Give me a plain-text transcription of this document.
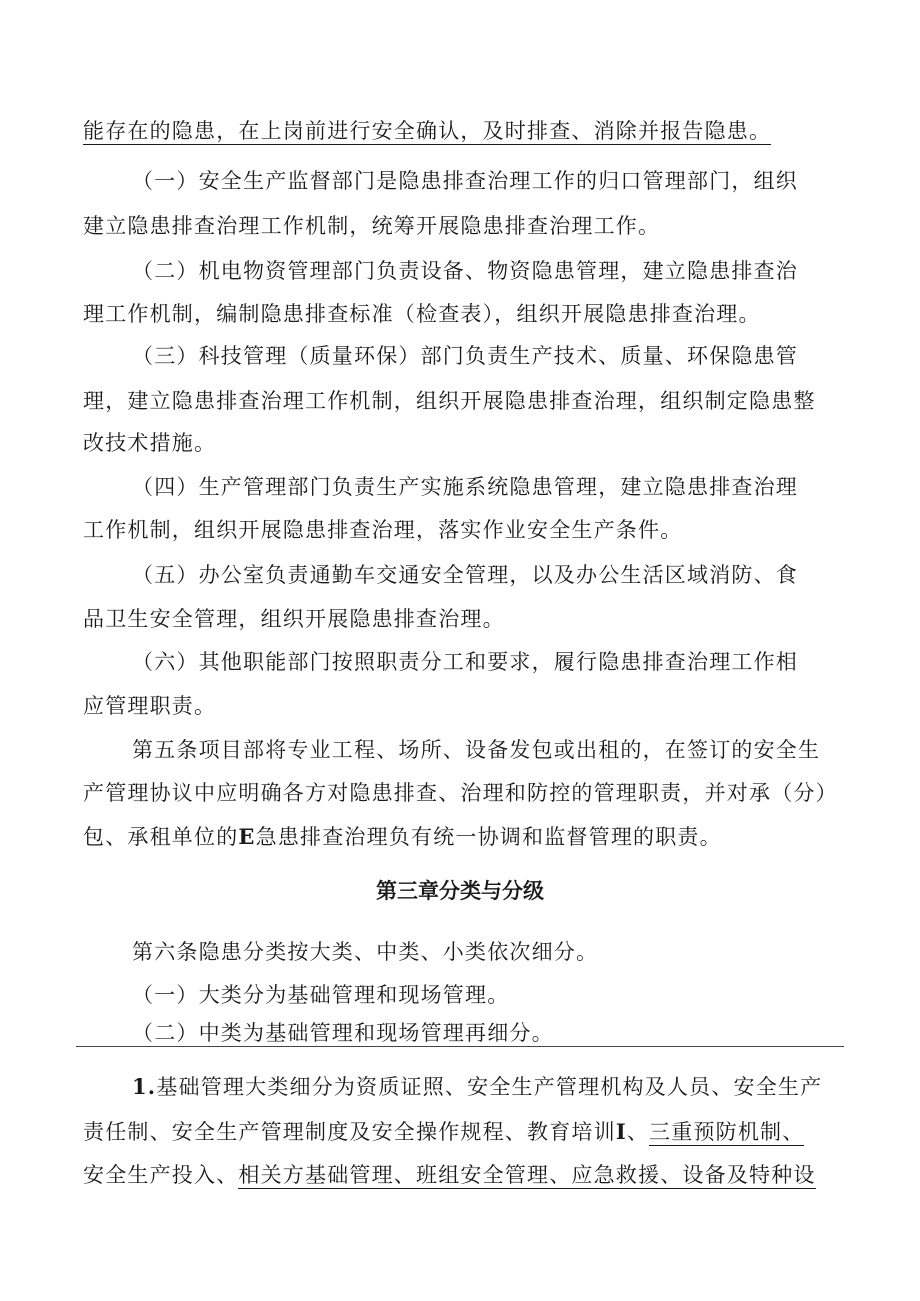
能存在的隐患，在上岗前进行安全确认，及时排查、消除并报告隐患。
（一）安全生产监督部门是隐患排查治理工作的归口管理部门，组织
建立隐患排查治理工作机制，统筹开展隐患排查治理工作。
（二）机电物资管理部门负责设备、物资隐患管理，建立隐患排查治
理工作机制，编制隐患排查标准（检查表），组织开展隐患排查治理。
（三）科技管理（质量环保）部门负责生产技术、质量、环保隐患管
理，建立隐患排查治理工作机制，组织开展隐患排查治理，组织制定隐患整
改技术措施。
（四）生产管理部门负责生产实施系统隐患管理，建立隐患排查治理
工作机制，组织开展隐患排查治理，落实作业安全生产条件。
（五）办公室负责通勤车交通安全管理，以及办公生活区域消防、食
品卫生安全管理，组织开展隐患排查治理。
（六）其他职能部门按照职责分工和要求，履行隐患排查治理工作相
应管理职责。
第五条项目部将专业工程、场所、设备发包或出租的，在签订的安全生
产管理协议中应明确各方对隐患排查、治理和防控的管理职责，并对承（分）
包、承租单位的E急患排查治理负有统一协调和监督管理的职责。
第三章分类与分级
第六条隐患分类按大类、中类、小类依次细分。
（一）大类分为基础管理和现场管理。
（二）中类为基础管理和现场管理再细分。
1.基础管理大类细分为资质证照、安全生产管理机构及人员、安全生产
责任制、安全生产管理制度及安全操作规程、教育培训I、三重预防机制、
安全生产投入、相关方基础管理、班组安全管理、应急救援、设备及特种设
